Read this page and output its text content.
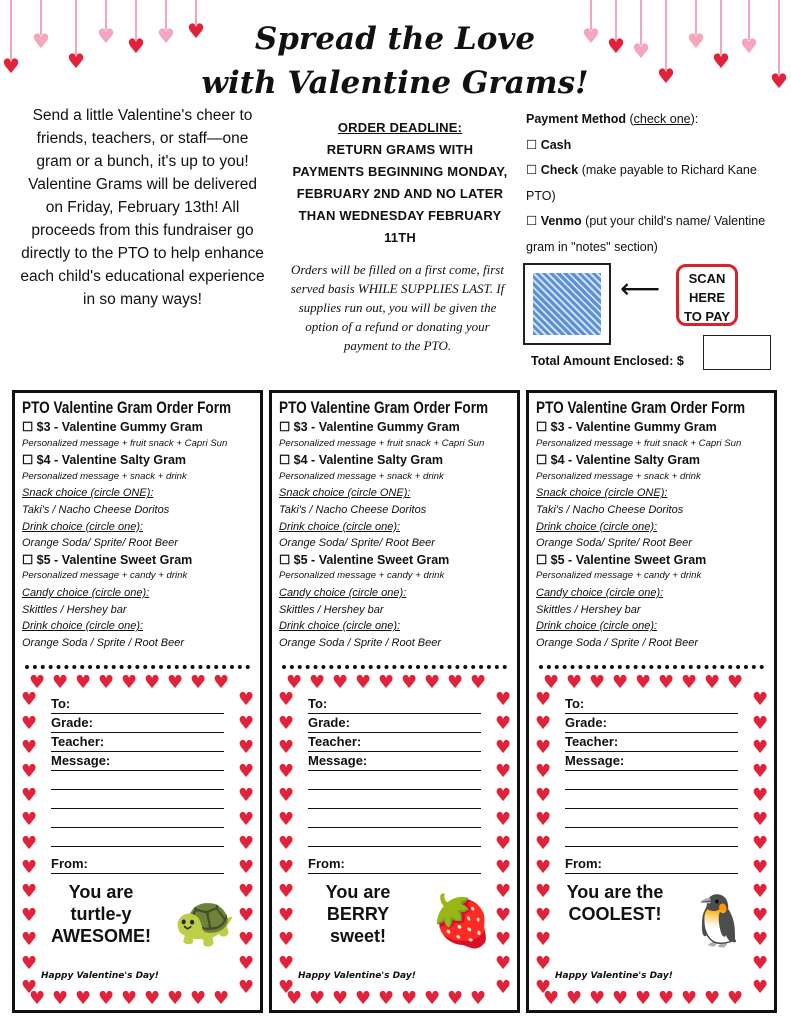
♥
♥
♥
♥ ♥ ♥ ♥	♥ ♥ ♥
♥
♥
♥
♥
♥
Spread the Love
with Valentine Grams!
Send a little Valentine's cheer to friends, teachers, or staff—one gram or a bunch, it's up to you! Valentine Grams will be delivered on Friday, February 13th! All proceeds from this fundraiser go directly to the PTO to help enhance each child's educational experience in so many ways!
ORDER DEADLINE:
RETURN GRAMS WITH PAYMENTS BEGINNING MONDAY, FEBRUARY 2ND AND NO LATER THAN WEDNESDAY FEBRUARY 11TH
Orders will be filled on a first come, first served basis WHILE SUPPLIES LAST. If supplies run out, you will be given the option of a refund or donating your payment to the PTO.
Payment Method (check one):
☐ Cash
☐ Check (make payable to Richard Kane PTO)
☐ Venmo (put your child's name/ Valentine gram in "notes" section)
⟵	SCAN HERE TO PAY
Total Amount Enclosed: $
PTO Valentine Gram Order Form
☐ $3 - Valentine Gummy Gram
Personalized message + fruit snack + Capri Sun
☐ $4 - Valentine Salty Gram
Personalized message + snack + drink
Snack choice (circle ONE):
Taki's / Nacho Cheese Doritos
Drink choice (circle one):
Orange Soda/ Sprite/ Root Beer
☐ $5 - Valentine Sweet Gram
Personalized message + candy + drink
Candy choice (circle one):
Skittles / Hershey bar
Drink choice (circle one):
Orange Soda / Sprite / Root Beer
To:
Grade:
Teacher:
Message:
From:
You are turtle-y AWESOME! 🐢
Happy Valentine's Day!
♥
♥
♥
♥
♥
♥
♥
♥
♥
♥
♥
♥
♥
♥
♥
♥
♥
♥
♥	♥
♥	♥
♥	♥
♥	♥
♥	♥
♥	♥
♥	♥
♥	♥
♥	♥
♥	♥
♥	♥
♥	♥
♥	♥
PTO Valentine Gram Order Form
☐ $3 - Valentine Gummy Gram
Personalized message + fruit snack + Capri Sun
☐ $4 - Valentine Salty Gram
Personalized message + snack + drink
Snack choice (circle ONE):
Taki's / Nacho Cheese Doritos
Drink choice (circle one):
Orange Soda/ Sprite/ Root Beer
☐ $5 - Valentine Sweet Gram
Personalized message + candy + drink
Candy choice (circle one):
Skittles / Hershey bar
Drink choice (circle one):
Orange Soda / Sprite / Root Beer
To:
Grade:
Teacher:
Message:
From:
You are BERRY sweet! 🍓
Happy Valentine's Day!
♥
♥
♥
♥
♥
♥
♥
♥
♥
♥
♥
♥
♥
♥
♥
♥
♥
♥
♥	♥
♥	♥
♥	♥
♥	♥
♥	♥
♥	♥
♥	♥
♥	♥
♥	♥
♥	♥
♥	♥
♥	♥
♥	♥
PTO Valentine Gram Order Form
☐ $3 - Valentine Gummy Gram
Personalized message + fruit snack + Capri Sun
☐ $4 - Valentine Salty Gram
Personalized message + snack + drink
Snack choice (circle ONE):
Taki's / Nacho Cheese Doritos
Drink choice (circle one):
Orange Soda/ Sprite/ Root Beer
☐ $5 - Valentine Sweet Gram
Personalized message + candy + drink
Candy choice (circle one):
Skittles / Hershey bar
Drink choice (circle one):
Orange Soda / Sprite / Root Beer
To:
Grade:
Teacher:
Message:
From:
You are the COOLEST! 🐧
Happy Valentine's Day!
♥
♥
♥
♥
♥
♥
♥
♥
♥
♥
♥
♥
♥
♥
♥
♥
♥
♥
♥	♥
♥	♥
♥	♥
♥	♥
♥	♥
♥	♥
♥	♥
♥	♥
♥	♥
♥	♥
♥	♥
♥	♥
♥	♥
